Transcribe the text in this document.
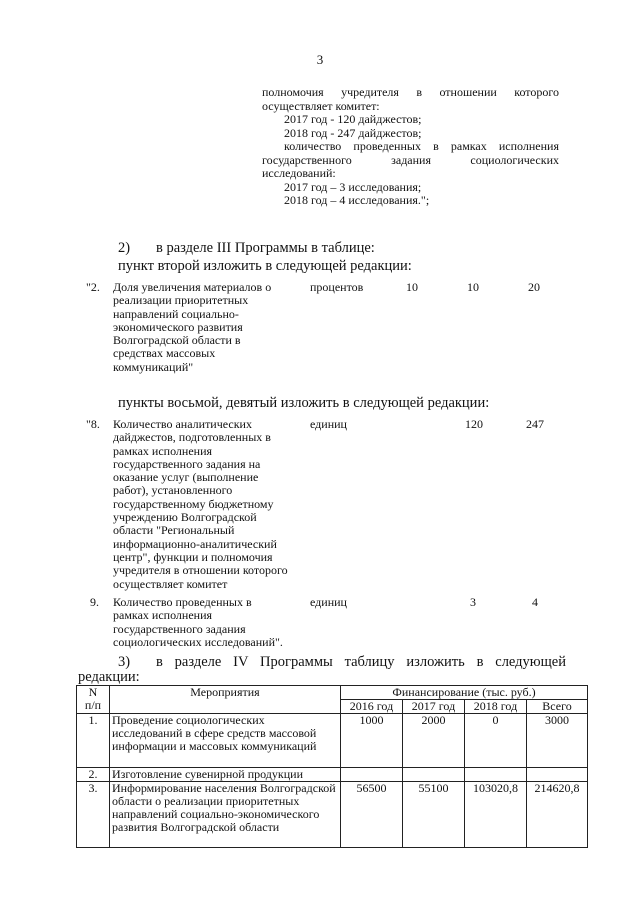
3
полномочия учредителя в отношении которого
осуществляет комитет:
2017 год - 120 дайджестов;
2018 год - 247 дайджестов;
количество проведенных в рамках исполнения
государственного задания социологических
исследований:
2017 год – 3 исследования;
2018 год – 4 исследования.";
2) в разделе III Программы в таблице:
пункт второй изложить в следующей редакции:
"2. Доля увеличения материалов о
реализации приоритетных
направлений социально-
экономического развития
Волгоградской области в
средствах массовых
коммуникаций"
процентов	10	10	20
пункты восьмой, девятый изложить в следующей редакции:
"8. Количество аналитических
дайджестов, подготовленных в
рамках исполнения
государственного задания на
оказание услуг (выполнение
работ), установленного
государственному бюджетному
учреждению Волгоградской
области "Региональный
информационно-аналитический
центр", функции и полномочия
учредителя в отношении которого
осуществляет комитет
единиц	120	247
9. Количество проведенных в
рамках исполнения
государственного задания
социологических исследований".
единиц	3	4
3) в разделе IV Программы таблицу изложить в следующей
редакции:
N
п/п	Мероприятия	Финансирование (тыс. руб.)			
		2016 год	2017 год	2018 год	Всего
1.	Проведение социологических исследований в сфере средств массовой информации и массовых коммуникаций	1000	2000	0	3000
2.	Изготовление сувенирной продукции				
3.	Информирование населения Волгоградской области о реализации приоритетных направлений социально-экономического развития Волгоградской области	56500	55100	103020,8	214620,8
